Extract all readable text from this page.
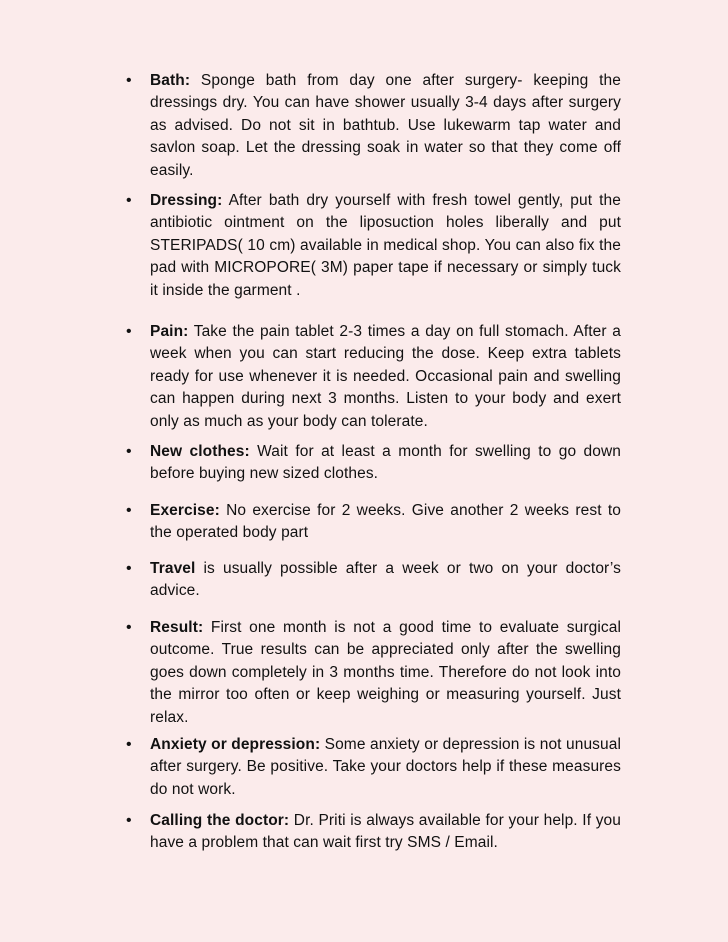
• Bath: Sponge bath from day one after surgery- keeping the dressings dry. You can have shower usually 3-4 days after surgery as advised. Do not sit in bathtub. Use lukewarm tap water and savlon soap. Let the dressing soak in water so that they come off easily.
• Dressing: After bath dry yourself with fresh towel gently, put the antibiotic ointment on the liposuction holes liberally and put STERIPADS( 10 cm) available in medical shop. You can also fix the pad with MICROPORE( 3M) paper tape if necessary or simply tuck it inside the garment .
• Pain: Take the pain tablet 2-3 times a day on full stomach. After a week when you can start reducing the dose. Keep extra tablets ready for use whenever it is needed. Occasional pain and swelling can happen during next 3 months. Listen to your body and exert only as much as your body can tolerate.
• New clothes: Wait for at least a month for swelling to go down before buying new sized clothes.
• Exercise: No exercise for 2 weeks. Give another 2 weeks rest to the operated body part
• Travel is usually possible after a week or two on your doctor’s advice.
• Result: First one month is not a good time to evaluate surgical outcome. True results can be appreciated only after the swelling goes down completely in 3 months time. Therefore do not look into the mirror too often or keep weighing or measuring yourself. Just relax.
• Anxiety or depression: Some anxiety or depression is not unusual after surgery. Be positive. Take your doctors help if these measures do not work.
• Calling the doctor: Dr. Priti is always available for your help. If you have a problem that can wait first try SMS / Email.
